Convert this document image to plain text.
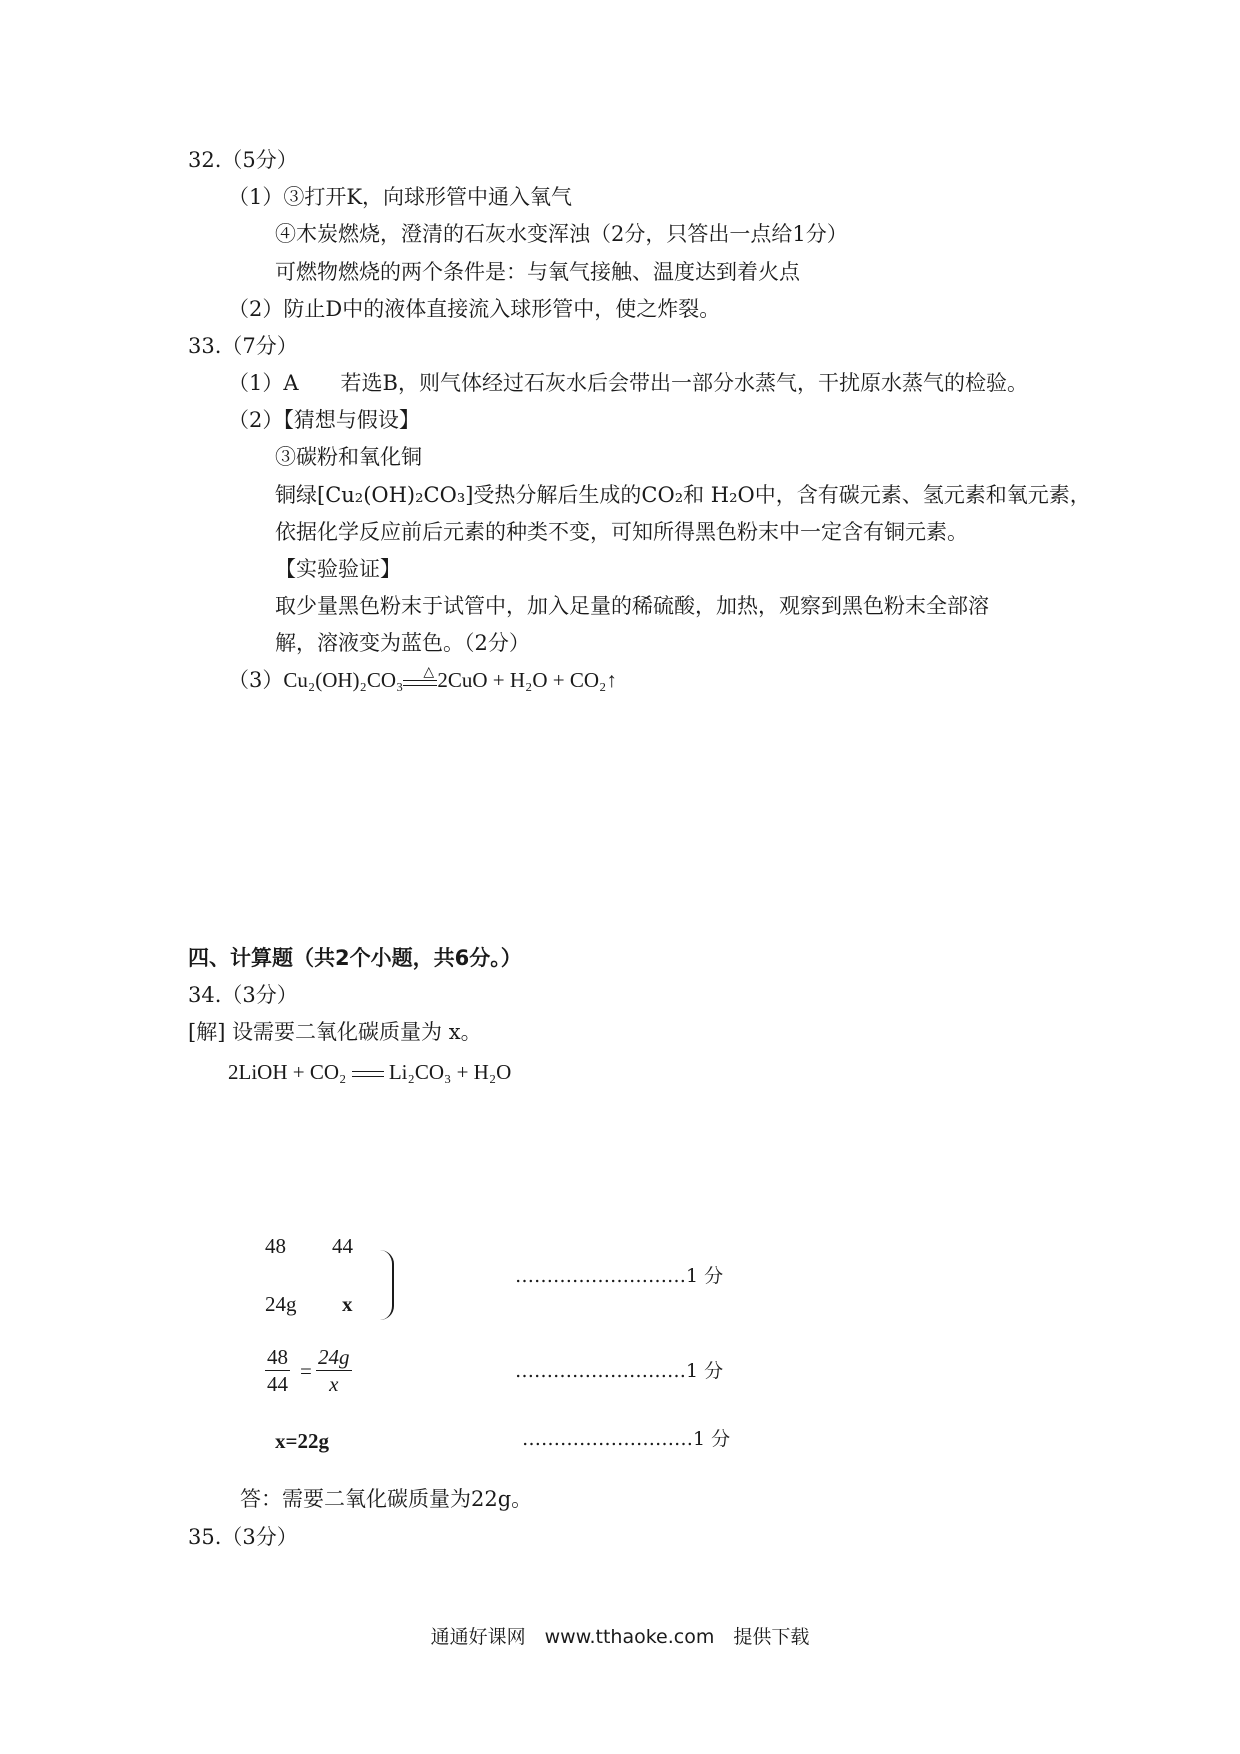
32.（5分）
（1）③打开K，向球形管中通入氧气
④木炭燃烧，澄清的石灰水变浑浊（2分，只答出一点给1分）
可燃物燃烧的两个条件是：与氧气接触、温度达到着火点
（2）防止D中的液体直接流入球形管中，使之炸裂。
33.（7分）
（1）A　　若选B，则气体经过石灰水后会带出一部分水蒸气，干扰原水蒸气的检验。
（2）【猜想与假设】
③碳粉和氧化铜
铜绿[Cu₂(OH)₂CO₃]受热分解后生成的CO₂和 H₂O中，含有碳元素、氢元素和氧元素，
依据化学反应前后元素的种类不变，可知所得黑色粉末中一定含有铜元素。
【实验验证】
取少量黑色粉末于试管中，加入足量的稀硫酸，加热，观察到黑色粉末全部溶
解，溶液变为蓝色。（2分）
（3）Cu₂(OH)₂CO₃ △ 2CuO + H₂O + CO₂↑
四、计算题（共2个小题，共6分。）
34.（3分）
[解] 设需要二氧化碳质量为 x。
2LiOH + CO₂ Li₂CO₃ + H₂O
48 44
24g x
………………………1 分
$\frac{48}{44} = \frac{24g}{x}$	………………………1 分
x=22g	………………………1 分
答：需要二氧化碳质量为22g。
35.（3分）
通通好课网　www.tthaoke.com　提供下载
